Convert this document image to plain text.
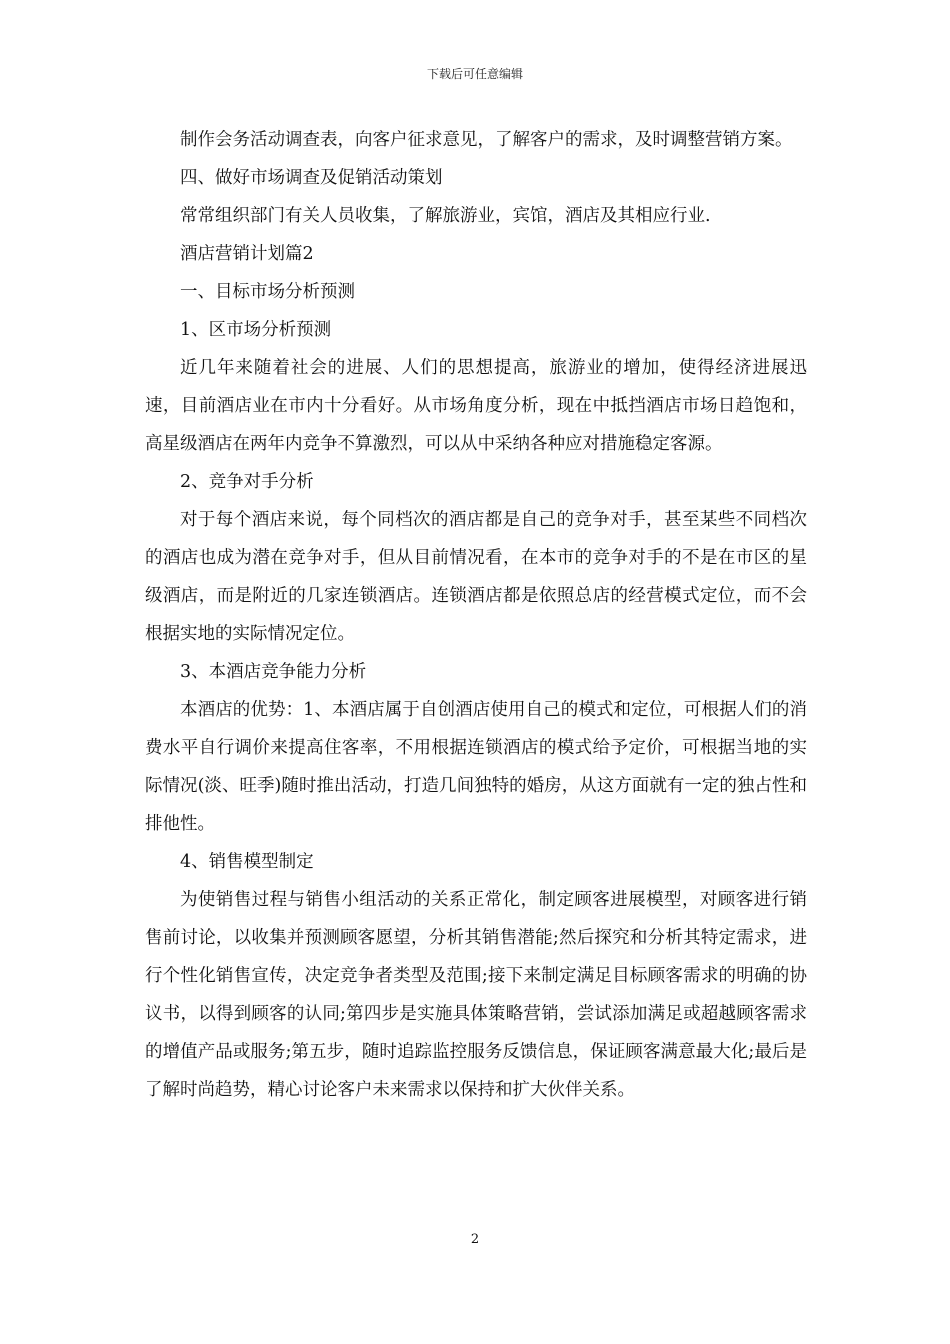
下载后可任意编辑

制作会务活动调查表，向客户征求意见，了解客户的需求，及时调整营销方案。

四、做好市场调查及促销活动策划

常常组织部门有关人员收集，了解旅游业，宾馆，酒店及其相应行业.

酒店营销计划篇2

一、目标市场分析预测

1、区市场分析预测

近几年来随着社会的进展、人们的思想提高，旅游业的增加，使得经济进展迅速，目前酒店业在市内十分看好。从市场角度分析，现在中抵挡酒店市场日趋饱和，高星级酒店在两年内竞争不算激烈，可以从中采纳各种应对措施稳定客源。

2、竞争对手分析

对于每个酒店来说，每个同档次的酒店都是自己的竞争对手，甚至某些不同档次的酒店也成为潜在竞争对手，但从目前情况看，在本市的竞争对手的不是在市区的星级酒店，而是附近的几家连锁酒店。连锁酒店都是依照总店的经营模式定位，而不会根据实地的实际情况定位。

3、本酒店竞争能力分析

本酒店的优势：1、本酒店属于自创酒店使用自己的模式和定位，可根据人们的消费水平自行调价来提高住客率，不用根据连锁酒店的模式给予定价，可根据当地的实际情况(淡、旺季)随时推出活动，打造几间独特的婚房，从这方面就有一定的独占性和排他性。

4、销售模型制定

为使销售过程与销售小组活动的关系正常化，制定顾客进展模型，对顾客进行销售前讨论，以收集并预测顾客愿望，分析其销售潜能;然后探究和分析其特定需求，进行个性化销售宣传，决定竞争者类型及范围;接下来制定满足目标顾客需求的明确的协议书，以得到顾客的认同;第四步是实施具体策略营销，尝试添加满足或超越顾客需求的增值产品或服务;第五步，随时追踪监控服务反馈信息，保证顾客满意最大化;最后是了解时尚趋势，精心讨论客户未来需求以保持和扩大伙伴关系。

2
